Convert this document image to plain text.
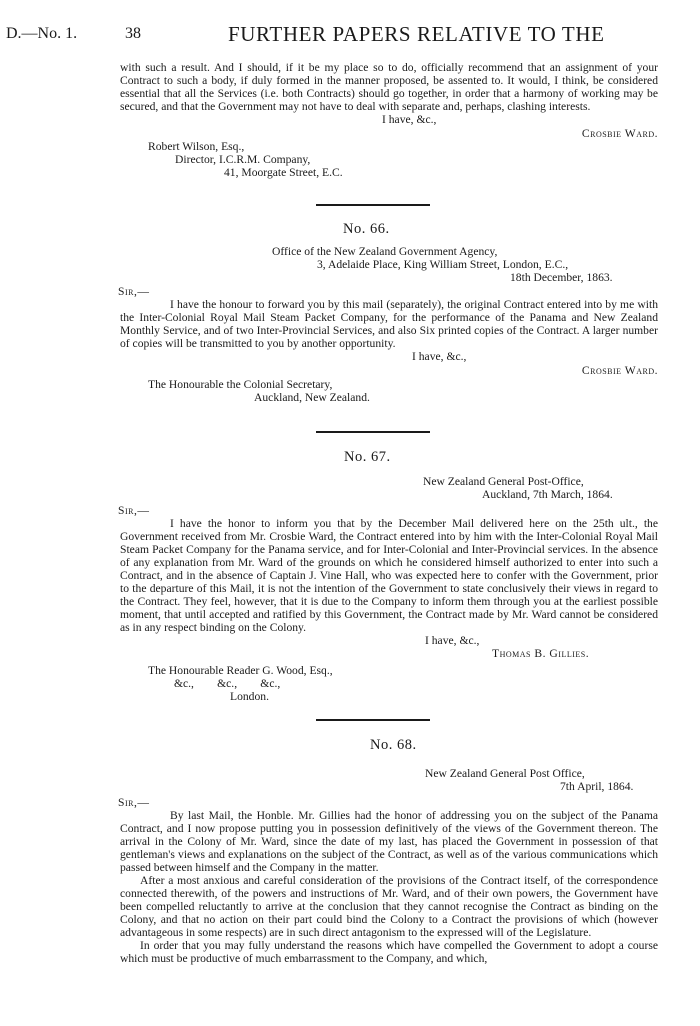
D.—No. 1.	38	FURTHER PAPERS RELATIVE TO THE

with such a result. And I should, if it be my place so to do, officially recommend that an assignment of your Contract to such a body, if duly formed in the manner proposed, be assented to. It would, I think, be considered essential that all the Services (i.e. both Contracts) should go together, in order that a harmony of working may be secured, and that the Government may not have to deal with separate and, perhaps, clashing interests.

I have, &c.,
Crosbie Ward.
Robert Wilson, Esq.,
Director, I.C.R.M. Company,
41, Moorgate Street, E.C.
No. 66.
Office of the New Zealand Government Agency,
3, Adelaide Place, King William Street, London, E.C.,
18th December, 1863.
Sir,—

I have the honour to forward you by this mail (separately), the original Contract entered into by me with the Inter-Colonial Royal Mail Steam Packet Company, for the performance of the Panama and New Zealand Monthly Service, and of two Inter-Provincial Services, and also Six printed copies of the Contract. A larger number of copies will be transmitted to you by another opportunity.

I have, &c.,
Crosbie Ward.
The Honourable the Colonial Secretary,
Auckland, New Zealand.
No. 67.
New Zealand General Post-Office,
Auckland, 7th March, 1864.
Sir,—

I have the honor to inform you that by the December Mail delivered here on the 25th ult., the Government received from Mr. Crosbie Ward, the Contract entered into by him with the Inter-Colonial Royal Mail Steam Packet Company for the Panama service, and for Inter-Colonial and Inter-Provincial services. In the absence of any explanation from Mr. Ward of the grounds on which he considered himself authorized to enter into such a Contract, and in the absence of Captain J. Vine Hall, who was expected here to confer with the Government, prior to the departure of this Mail, it is not the intention of the Government to state conclusively their views in regard to the Contract. They feel, however, that it is due to the Company to inform them through you at the earliest possible moment, that until accepted and ratified by this Government, the Contract made by Mr. Ward cannot be considered as in any respect binding on the Colony.

I have, &c.,
Thomas B. Gillies.
The Honourable Reader G. Wood, Esq.,
&c.,        &c.,        &c.,
London.
No. 68.
New Zealand General Post Office,
7th April, 1864.
Sir,—

By last Mail, the Honble. Mr. Gillies had the honor of addressing you on the subject of the Panama Contract, and I now propose putting you in possession definitively of the views of the Government thereon. The arrival in the Colony of Mr. Ward, since the date of my last, has placed the Government in possession of that gentleman's views and explanations on the subject of the Contract, as well as of the various communications which passed between himself and the Company in the matter.

After a most anxious and careful consideration of the provisions of the Contract itself, of the correspondence connected therewith, of the powers and instructions of Mr. Ward, and of their own powers, the Government have been compelled reluctantly to arrive at the conclusion that they cannot recognise the Contract as binding on the Colony, and that no action on their part could bind the Colony to a Contract the provisions of which (however advantageous in some respects) are in such direct antagonism to the expressed will of the Legislature.

In order that you may fully understand the reasons which have compelled the Government to adopt a course which must be productive of much embarrassment to the Company, and which,
